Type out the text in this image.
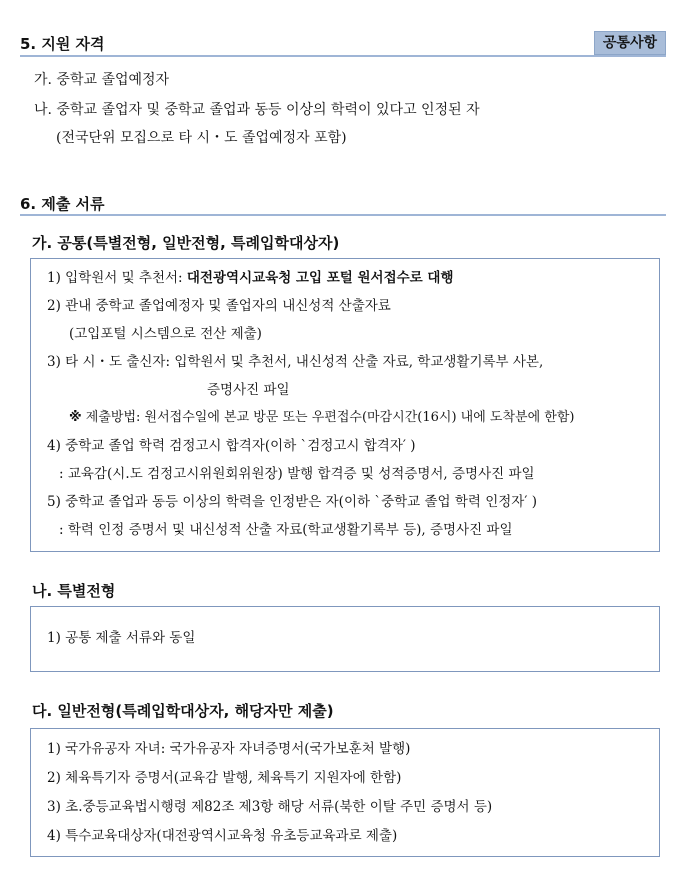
5. 지원 자격	공통사항
가. 중학교 졸업예정자
나. 중학교 졸업자 및 중학교 졸업과 동등 이상의 학력이 있다고 인정된 자
(전국단위 모집으로 타 시・도 졸업예정자 포함)
6. 제출 서류
가. 공통(특별전형, 일반전형, 특례입학대상자)
1) 입학원서 및 추천서: 대전광역시교육청 고입 포털 원서접수로 대행
2) 관내 중학교 졸업예정자 및 졸업자의 내신성적 산출자료
(고입포털 시스템으로 전산 제출)
3) 타 시・도 출신자: 입학원서 및 추천서, 내신성적 산출 자료, 학교생활기록부 사본,
증명사진 파일
※ 제출방법: 원서접수일에 본교 방문 또는 우편접수(마감시간(16시) 내에 도착분에 한함)
4) 중학교 졸업 학력 검정고시 합격자(이하 `검정고시 합격자′ )
: 교육감(시․도 검정고시위원회위원장) 발행 합격증 및 성적증명서, 증명사진 파일
5) 중학교 졸업과 동등 이상의 학력을 인정받은 자(이하 `중학교 졸업 학력 인정자′ )
: 학력 인정 증명서 및 내신성적 산출 자료(학교생활기록부 등), 증명사진 파일
나. 특별전형
1) 공통 제출 서류와 동일
다. 일반전형(특례입학대상자, 해당자만 제출)
1) 국가유공자 자녀: 국가유공자 자녀증명서(국가보훈처 발행)
2) 체육특기자 증명서(교육감 발행, 체육특기 지원자에 한함)
3) 초.중등교육법시행령 제82조 제3항 해당 서류(북한 이탈 주민 증명서 등)
4) 특수교육대상자(대전광역시교육청 유초등교육과로 제출)
